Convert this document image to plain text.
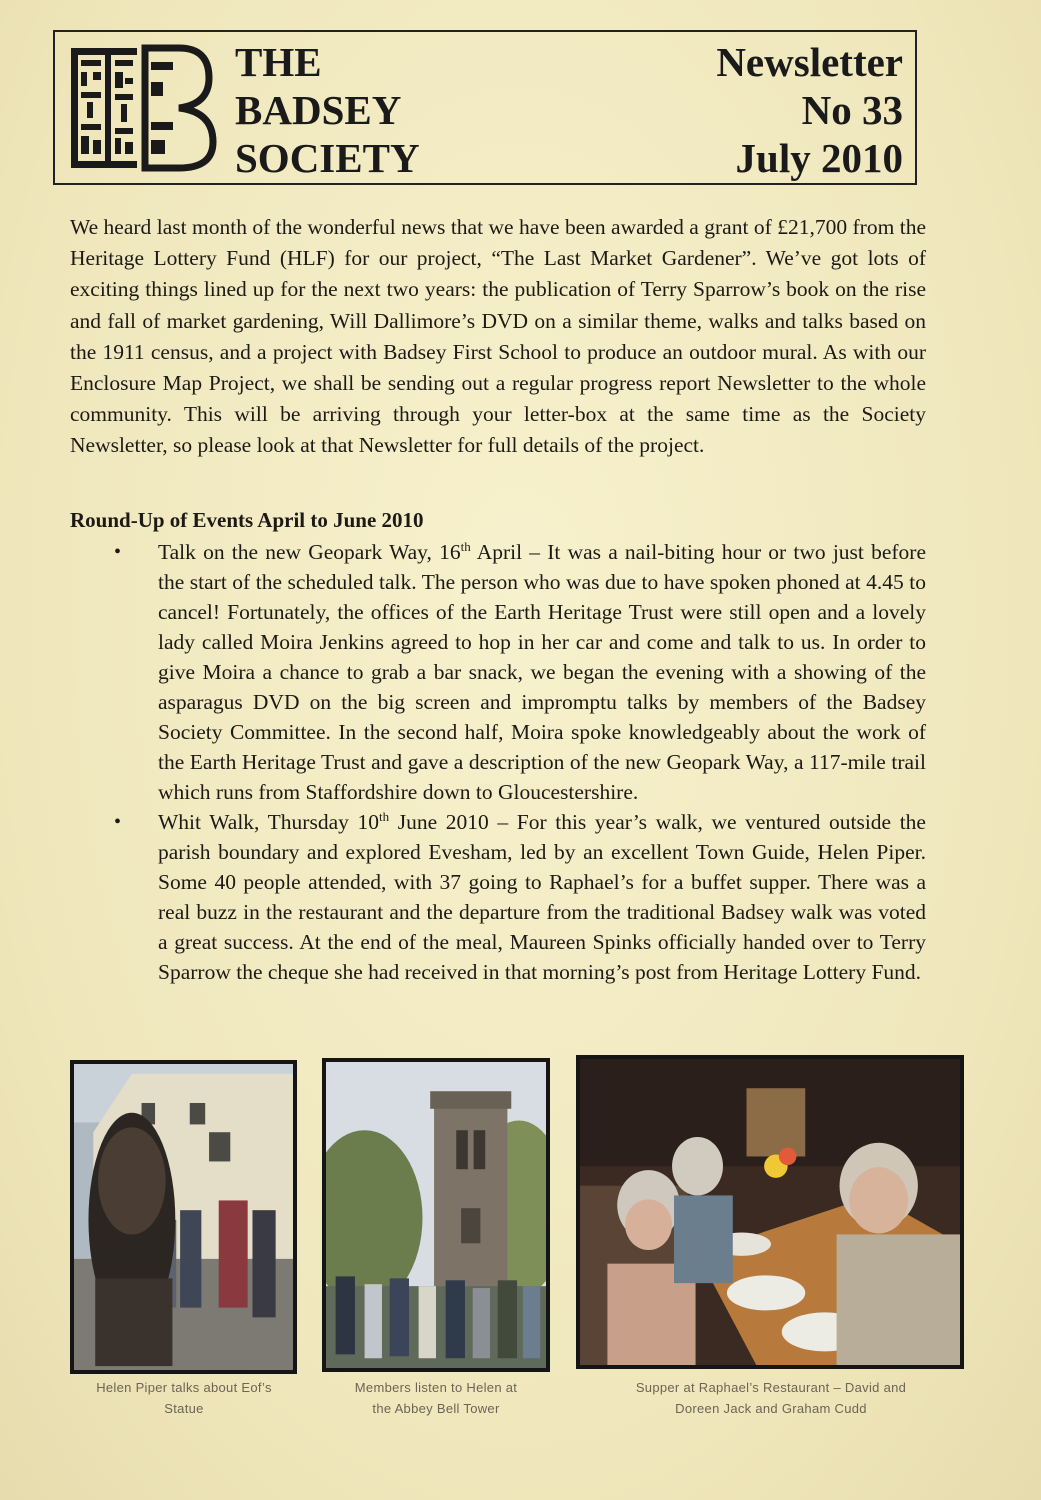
THE
BADSEY
SOCIETY
Newsletter
No 33
July 2010

We heard last month of the wonderful news that we have been awarded a grant of £21,700 from the Heritage Lottery Fund (HLF) for our project, “The Last Market Gardener”. We’ve got lots of exciting things lined up for the next two years: the publication of Terry Sparrow’s book on the rise and fall of market gardening, Will Dallimore’s DVD on a similar theme, walks and talks based on the 1911 census, and a project with Badsey First School to produce an outdoor mural. As with our Enclosure Map Project, we shall be sending out a regular progress report Newsletter to the whole community. This will be arriving through your letter-box at the same time as the Society Newsletter, so please look at that Newsletter for full details of the project.

Round-Up of Events April to June 2010
• Talk on the new Geopark Way, 16th April – It was a nail-biting hour or two just before the start of the scheduled talk. The person who was due to have spoken phoned at 4.45 to cancel! Fortunately, the offices of the Earth Heritage Trust were still open and a lovely lady called Moira Jenkins agreed to hop in her car and come and talk to us. In order to give Moira a chance to grab a bar snack, we began the evening with a showing of the asparagus DVD on the big screen and impromptu talks by members of the Badsey Society Committee. In the second half, Moira spoke knowledgeably about the work of the Earth Heritage Trust and gave a description of the new Geopark Way, a 117-mile trail which runs from Staffordshire down to Gloucestershire.
• Whit Walk, Thursday 10th June 2010 – For this year’s walk, we ventured outside the parish boundary and explored Evesham, led by an excellent Town Guide, Helen Piper. Some 40 people attended, with 37 going to Raphael’s for a buffet supper. There was a real buzz in the restaurant and the departure from the traditional Badsey walk was voted a great success. At the end of the meal, Maureen Spinks officially handed over to Terry Sparrow the cheque she had received in that morning’s post from Heritage Lottery Fund.
Helen Piper talks about Eof’s
Statue
Members listen to Helen at
the Abbey Bell Tower
Supper at Raphael’s Restaurant – David and
Doreen Jack and Graham Cudd
